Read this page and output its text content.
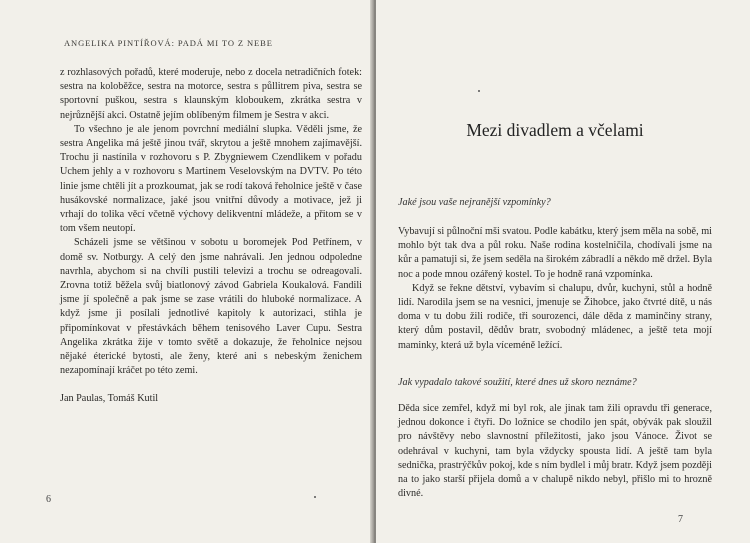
ANGELIKA PINTÍŘOVÁ: PADÁ MI TO Z NEBE

z rozhlasových pořadů, které moderuje, nebo z docela netradičních fotek: sestra na koloběžce, sestra na motorce, sestra s půllitrem piva, sestra se sportovní puškou, sestra s klaunským kloboukem, zkrátka sestra v nejrůznější akci. Ostatně jejím oblíbeným filmem je Sestra v akci.

To všechno je ale jenom povrchní mediální slupka. Věděli jsme, že sestra Angelika má ještě jinou tvář, skrytou a ještě mnohem zajímavější. Trochu ji nastínila v rozhovoru s P. Zbygniewem Czendlikem v pořadu Uchem jehly a v rozhovoru s Martinem Veselovským na DVTV. Po této linie jsme chtěli jít a prozkoumat, jak se rodí taková řeholnice ještě v čase husákovské normalizace, jaké jsou vnitřní důvody a motivace, jež ji vrhají do tolika věcí včetně výchovy delikventní mládeže, a přitom se v tom všem neutopí.

Scházeli jsme se většinou v sobotu u boromejek Pod Petřínem, v domě sv. Notburgy. A celý den jsme nahrávali. Jen jednou odpoledne navrhla, abychom si na chvíli pustili televizi a trochu se odreagovali. Zrovna totiž běžela svůj biatlonový závod Gabriela Koukalová. Fandili jsme jí společně a pak jsme se zase vrátili do hluboké normalizace. A když jsme ji posílali jednotlivé kapitoly k autorizaci, stihla je připomínkovat v přestávkách během tenisového Laver Cupu. Sestra Angelika zkrátka žije v tomto světě a dokazuje, že řeholnice nejsou nějaké éterické bytosti, ale ženy, které ani s nebeským ženichem nezapomínají kráčet po této zemi.

Jan Paulas, Tomáš Kutil
6
Mezi divadlem a včelami
Jaké jsou vaše nejranější vzpomínky?

Vybavují si půlnoční mši svatou. Podle kabátku, který jsem měla na sobě, mi mohlo být tak dva a půl roku. Naše rodina kostelničila, chodívali jsme na kůr a pamatuji si, že jsem seděla na širokém zábradlí a někdo mě držel. Byla noc a pode mnou ozářený kostel. To je hodně raná vzpomínka.

Když se řekne dětství, vybavím si chalupu, dvůr, kuchyni, stůl a hodně lidí. Narodila jsem se na vesnici, jmenuje se Žihobce, jako čtvrté dítě, u nás doma v tu dobu žili rodiče, tři sourozenci, dále děda z maminčiny strany, který dům postavil, dědův bratr, svobodný mládenec, a ještě teta mojí maminky, která už byla víceméně ležící.

Jak vypadalo takové soužití, které dnes už skoro neznáme?

Děda sice zemřel, když mi byl rok, ale jinak tam žili opravdu tři generace, jednou dokonce i čtyři. Do ložnice se chodilo jen spát, obývák pak sloužil pro návštěvy nebo slavnostní příležitosti, jako jsou Vánoce. Život se odehrával v kuchyni, tam byla vždycky spousta lidí. A ještě tam byla sednička, prastrýčkův pokoj, kde s ním bydlel i můj bratr. Když jsem později na to jako starší přijela domů a v chalupě nikdo nebyl, přišlo mi to hrozně divné.

7
